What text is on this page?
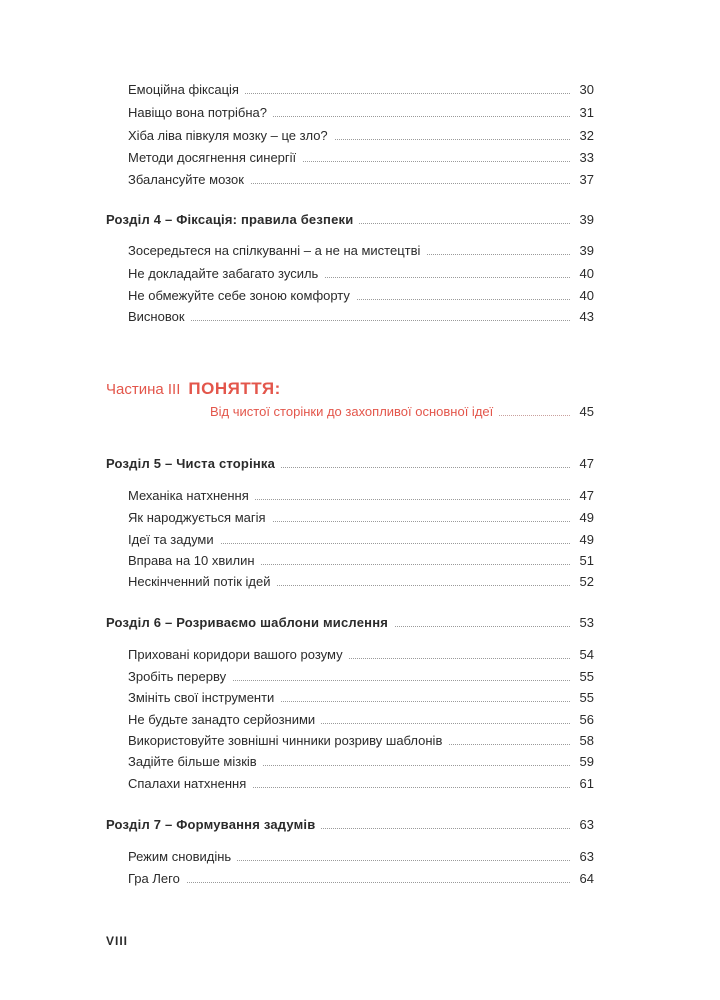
Емоційна фіксація	30
Навіщо вона потрібна?	31
Хіба ліва півкуля мозку – це зло?	32
Методи досягнення синергії	33
Збалансуйте мозок	37
Розділ 4 – Фіксація: правила безпеки	39
Зосередьтеся на спілкуванні – а не на мистецтві	39
Не докладайте забагато зусиль	40
Не обмежуйте себе зоною комфорту	40
Висновок	43
Частина III ПОНЯТТЯ:
Від чистої сторінки до захопливої основної ідеї	45
Розділ 5 – Чиста сторінка	47
Механіка натхнення	47
Як народжується магія	49
Ідеї та задуми	49
Вправа на 10 хвилин	51
Нескінченний потік ідей	52
Розділ 6 – Розриваємо шаблони мислення	53
Приховані коридори вашого розуму	54
Зробіть перерву	55
Змініть свої інструменти	55
Не будьте занадто серйозними	56
Використовуйте зовнішні чинники розриву шаблонів	58
Задійте більше мізків	59
Спалахи натхнення	61
Розділ 7 – Формування задумів	63
Режим сновидінь	63
Гра Лего	64
VIII
